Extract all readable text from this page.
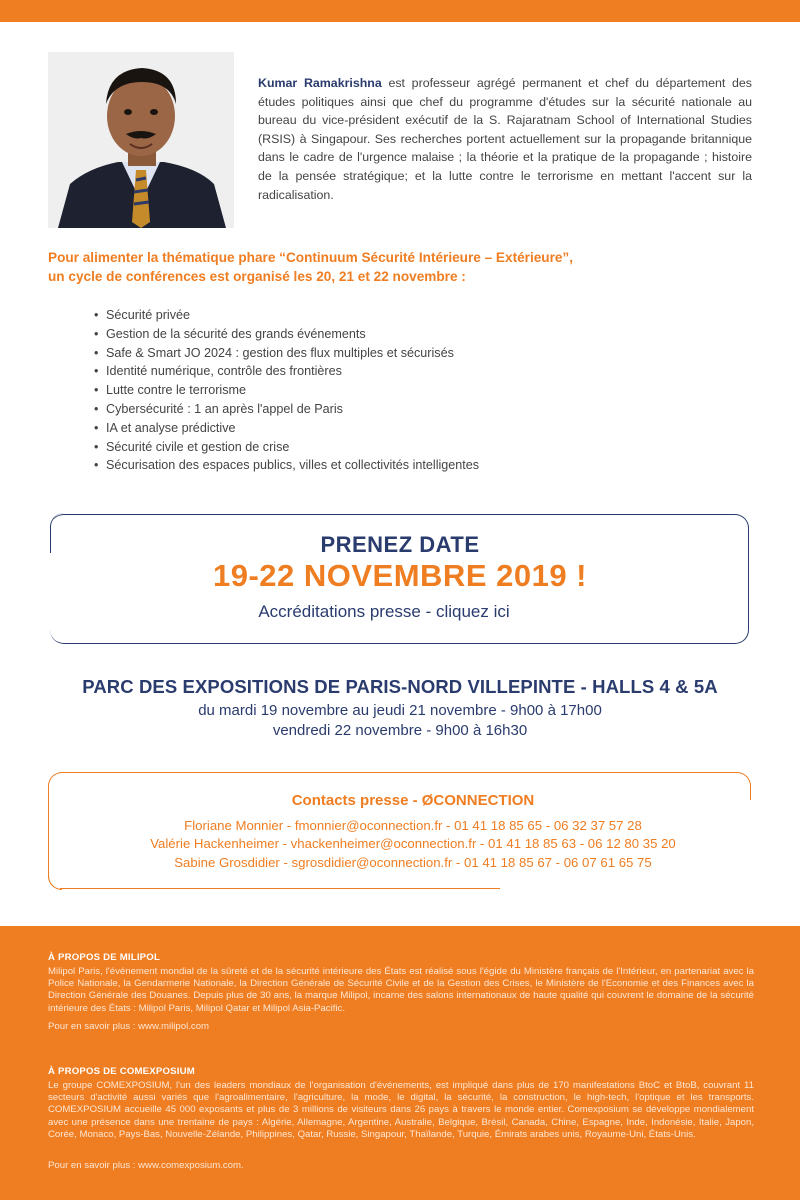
Kumar Ramakrishna est professeur agrégé permanent et chef du département des études politiques ainsi que chef du programme d'études sur la sécurité nationale au bureau du vice-président exécutif de la S. Rajaratnam School of International Studies (RSIS) à Singapour. Ses recherches portent actuellement sur la propagande britannique dans le cadre de l'urgence malaise ; la théorie et la pratique de la propagande ; histoire de la pensée stratégique; et la lutte contre le terrorisme en mettant l'accent sur la radicalisation.
Pour alimenter la thématique phare “Continuum Sécurité Intérieure – Extérieure”,
un cycle de conférences est organisé les 20, 21 et 22 novembre :
• Sécurité privée
• Gestion de la sécurité des grands événements
• Safe & Smart JO 2024 : gestion des flux multiples et sécurisés
• Identité numérique, contrôle des frontières
• Lutte contre le terrorisme
• Cybersécurité : 1 an après l'appel de Paris
• IA et analyse prédictive
• Sécurité civile et gestion de crise
• Sécurisation des espaces publics, villes et collectivités intelligentes
PRENEZ DATE
19-22 NOVEMBRE 2019 !
Accréditations presse - cliquez ici
PARC DES EXPOSITIONS DE PARIS-NORD VILLEPINTE - HALLS 4 & 5A
du mardi 19 novembre au jeudi 21 novembre - 9h00 à 17h00
vendredi 22 novembre - 9h00 à 16h30
Contacts presse - ØCONNECTION
Floriane Monnier - fmonnier@oconnection.fr - 01 41 18 85 65 - 06 32 37 57 28
Valérie Hackenheimer - vhackenheimer@oconnection.fr - 01 41 18 85 63 - 06 12 80 35 20
Sabine Grosdidier - sgrosdidier@oconnection.fr - 01 41 18 85 67 - 06 07 61 65 75
À PROPOS DE MILIPOL
Milipol Paris, l'événement mondial de la sûreté et de la sécurité intérieure des États est réalisé sous l'égide du Ministère français de l'Intérieur, en partenariat avec la Police Nationale, la Gendarmerie Nationale, la Direction Générale de Sécurité Civile et de la Gestion des Crises, le Ministère de l'Economie et des Finances avec la Direction Générale des Douanes. Depuis plus de 30 ans, la marque Milipol, incarne des salons internationaux de haute qualité qui couvrent le domaine de la sécurité intérieure des États : Milipol Paris, Milipol Qatar et Milipol Asia-Pacific.
Pour en savoir plus : www.milipol.com
À PROPOS DE COMEXPOSIUM
Le groupe COMEXPOSIUM, l'un des leaders mondiaux de l'organisation d'événements, est impliqué dans plus de 170 manifestations BtoC et BtoB, couvrant 11 secteurs d'activité aussi variés que l'agroalimentaire, l'agriculture, la mode, le digital, la sécurité, la construction, le high-tech, l'optique et les transports. COMEXPOSIUM accueille 45 000 exposants et plus de 3 millions de visiteurs dans 26 pays à travers le monde entier. Comexposium se développe mondialement avec une présence dans une trentaine de pays : Algérie, Allemagne, Argentine, Australie, Belgique, Brésil, Canada, Chine, Espagne, Inde, Indonésie, Italie, Japon, Corée, Monaco, Pays-Bas, Nouvelle-Zélande, Philippines, Qatar, Russie, Singapour, Thaïlande, Turquie, Émirats arabes unis, Royaume-Uni, États-Unis.
Pour en savoir plus : www.comexposium.com.
